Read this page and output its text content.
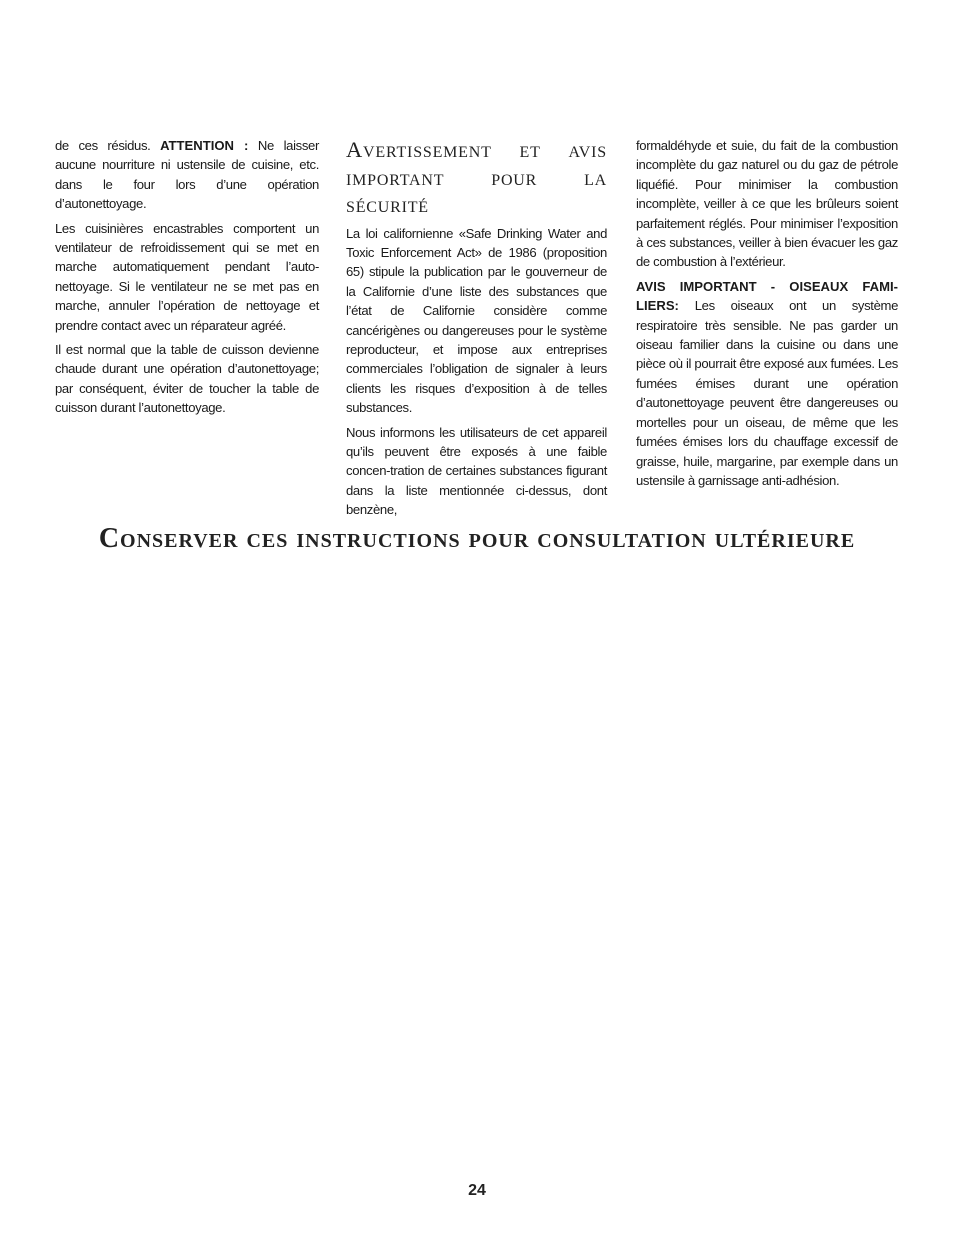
de ces résidus. ATTENTION : Ne laisser aucune nourriture ni ustensile de cuisine, etc. dans le four lors d’une opération d’autonettoyage.

Les cuisinières encastrables comportent un ventilateur de refroidissement qui se met en marche automatiquement pendant l’auto-nettoyage. Si le ventilateur ne se met pas en marche, annuler l’opération de nettoyage et prendre contact avec un réparateur agréé.

Il est normal que la table de cuisson devienne chaude durant une opération d’autonettoyage; par conséquent, éviter de toucher la table de cuisson durant l’autonettoyage.

Avertissement et avis important pour la sécurité

La loi californienne «Safe Drinking Water and Toxic Enforcement Act» de 1986 (proposition 65) stipule la publication par le gouverneur de la Californie d’une liste des substances que l’état de Californie considère comme cancérigènes ou dangereuses pour le système reproducteur, et impose aux entreprises commerciales l’obligation de signaler à leurs clients les risques d’exposition à de telles substances.

Nous informons les utilisateurs de cet appareil qu’ils peuvent être exposés à une faible concen-tration de certaines substances figurant dans la liste mentionnée ci-dessus, dont benzène,

formaldéhyde et suie, du fait de la combustion incomplète du gaz naturel ou du gaz de pétrole liquéfié. Pour minimiser la combustion incomplète, veiller à ce que les brûleurs soient parfaitement réglés. Pour minimiser l’exposition à ces substances, veiller à bien évacuer les gaz de combustion à l’extérieur.

AVIS IMPORTANT - OISEAUX FAMI-LIERS: Les oiseaux ont un système respiratoire très sensible. Ne pas garder un oiseau familier dans la cuisine ou dans une pièce où il pourrait être exposé aux fumées. Les fumées émises durant une opération d’autonettoyage peuvent être dangereuses ou mortelles pour un oiseau, de même que les fumées émises lors du chauffage excessif de graisse, huile, margarine, par exemple dans un ustensile à garnissage anti-adhésion.

Conserver ces instructions pour consultation ultérieure
24
